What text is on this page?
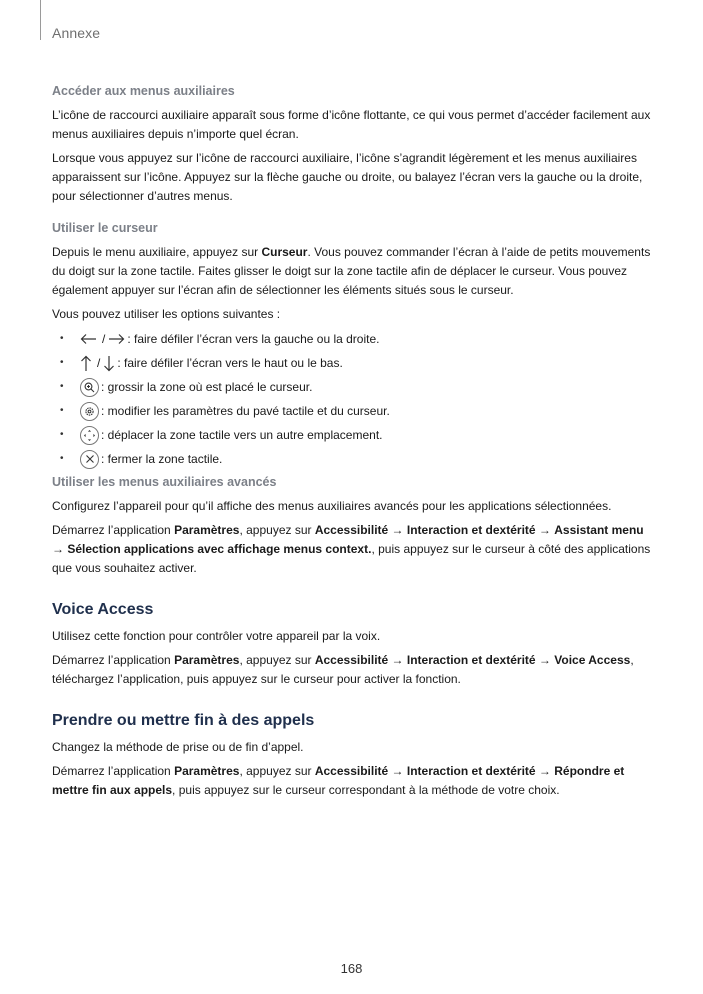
Annexe
Accéder aux menus auxiliaires

L’icône de raccourci auxiliaire apparaît sous forme d’icône flottante, ce qui vous permet d’accéder facilement aux menus auxiliaires depuis n’importe quel écran.

Lorsque vous appuyez sur l’icône de raccourci auxiliaire, l’icône s’agrandit légèrement et les menus auxiliaires apparaissent sur l’icône. Appuyez sur la flèche gauche ou droite, ou balayez l’écran vers la gauche ou la droite, pour sélectionner d’autres menus.

Utiliser le curseur

Depuis le menu auxiliaire, appuyez sur Curseur. Vous pouvez commander l’écran à l’aide de petits mouvements du doigt sur la zone tactile. Faites glisser le doigt sur la zone tactile afin de déplacer le curseur. Vous pouvez également appuyer sur l’écran afin de sélectionner les éléments situés sous le curseur.

Vous pouvez utiliser les options suivantes :

•	/ : faire défiler l’écran vers la gauche ou la droite.
•	/ : faire défiler l’écran vers le haut ou le bas.
•	: grossir la zone où est placé le curseur.
•	: modifier les paramètres du pavé tactile et du curseur.
•	: déplacer la zone tactile vers un autre emplacement.
•	: fermer la zone tactile.
Utiliser les menus auxiliaires avancés

Configurez l’appareil pour qu’il affiche des menus auxiliaires avancés pour les applications sélectionnées.

Démarrez l’application Paramètres, appuyez sur Accessibilité → Interaction et dextérité → Assistant menu → Sélection applications avec affichage menus context., puis appuyez sur le curseur à côté des applications que vous souhaitez activer.

Voice Access

Utilisez cette fonction pour contrôler votre appareil par la voix.

Démarrez l’application Paramètres, appuyez sur Accessibilité → Interaction et dextérité → Voice Access, téléchargez l’application, puis appuyez sur le curseur pour activer la fonction.

Prendre ou mettre fin à des appels

Changez la méthode de prise ou de fin d’appel.

Démarrez l’application Paramètres, appuyez sur Accessibilité → Interaction et dextérité → Répondre et mettre fin aux appels, puis appuyez sur le curseur correspondant à la méthode de votre choix.

168
